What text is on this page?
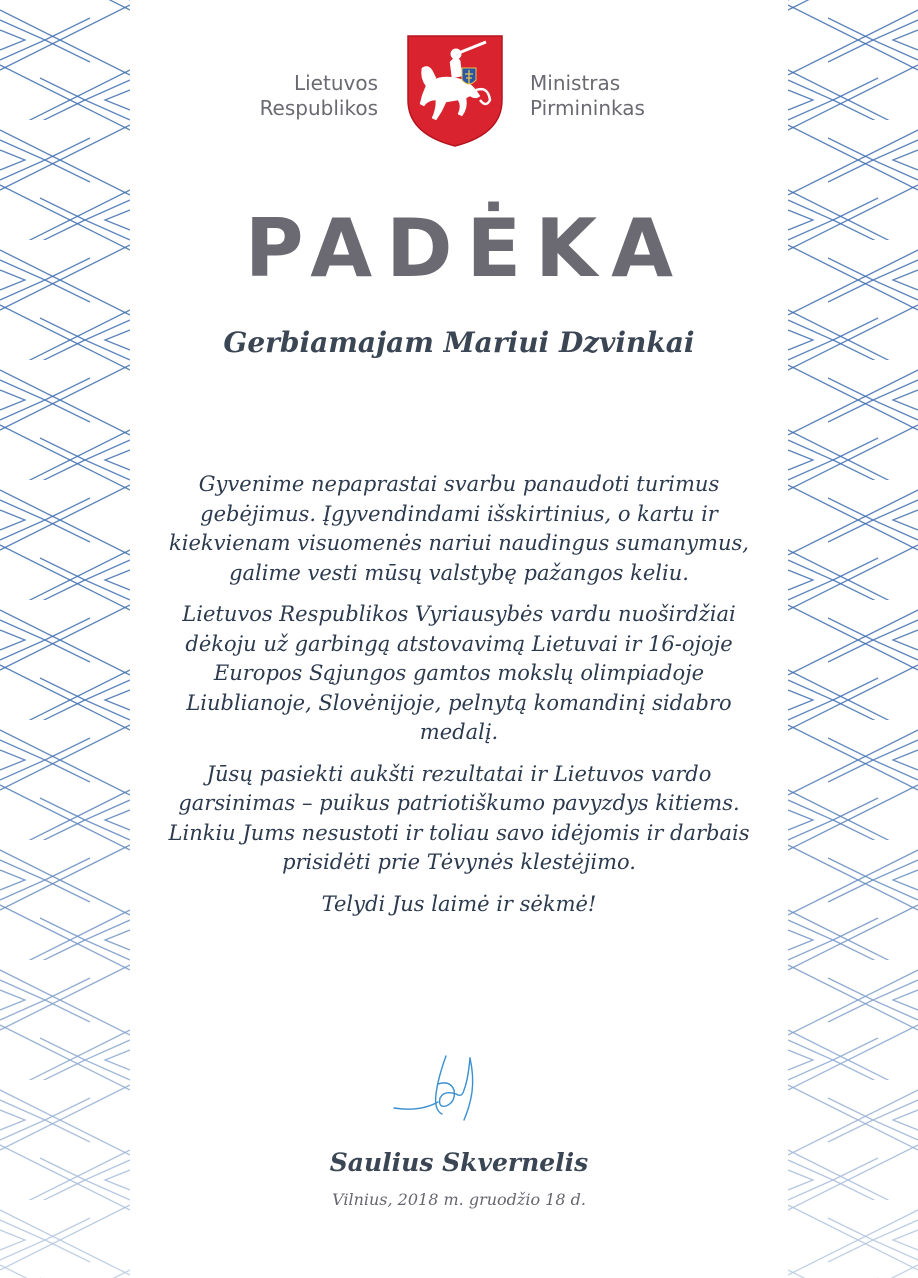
Lietuvos
Respublikos
Ministras
Pirmininkas
PADĖKA
Gerbiamajam Mariui Dzvinkai

Gyvenime nepaprastai svarbu panaudoti turimus gebėjimus. Įgyvendindami išskirtinius, o kartu ir kiekvienam visuomenės nariui naudingus sumanymus, galime vesti mūsų valstybę pažangos keliu.

Lietuvos Respublikos Vyriausybės vardu nuoširdžiai dėkoju už garbingą atstovavimą Lietuvai ir 16-ojoje Europos Sąjungos gamtos mokslų olimpiadoje Liublianoje, Slovėnijoje, pelnytą komandinį sidabro medalį.

Jūsų pasiekti aukšti rezultatai ir Lietuvos vardo garsinimas – puikus patriotiškumo pavyzdys kitiems. Linkiu Jums nesustoti ir toliau savo idėjomis ir darbais prisidėti prie Tėvynės klestėjimo.

Telydi Jus laimė ir sėkmė!

Saulius Skvernelis
Vilnius, 2018 m. gruodžio 18 d.
